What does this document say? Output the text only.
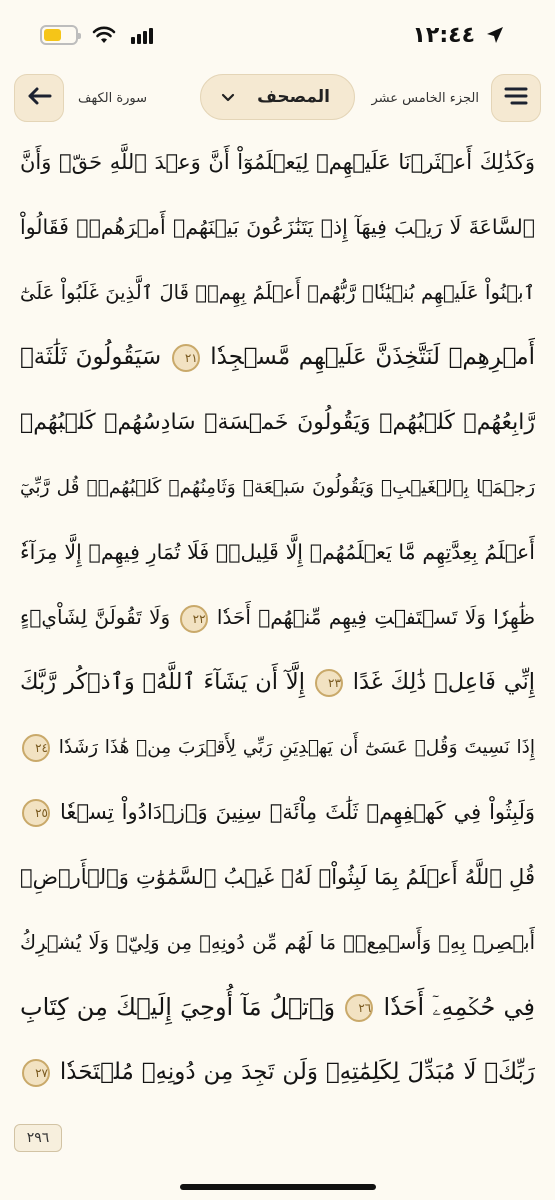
١٢:٤٤
سورة الكهف	المصحف	الجزء الخامس عشر
وَكَذَٰلِكَ أَعۡثَرۡنَا عَلَيۡهِمۡ لِيَعۡلَمُوٓاْ أَنَّ وَعۡدَ ٱللَّهِ حَقّٞ وَأَنَّ
ٱلسَّاعَةَ لَا رَيۡبَ فِيهَآ إِذۡ يَتَنَٰزَعُونَ بَيۡنَهُمۡ أَمۡرَهُمۡۖ فَقَالُواْ
ٱبۡنُواْ عَلَيۡهِم بُنۡيَٰنٗاۖ رَّبُّهُمۡ أَعۡلَمُ بِهِمۡۚ قَالَ ٱلَّذِينَ غَلَبُواْ عَلَىٰٓ
أَمۡرِهِمۡ لَنَتَّخِذَنَّ عَلَيۡهِم مَّسۡجِدٗا ٢١ سَيَقُولُونَ ثَلَٰثَةٞ
رَّابِعُهُمۡ كَلۡبُهُمۡ وَيَقُولُونَ خَمۡسَةٞ سَادِسُهُمۡ كَلۡبُهُمۡ
رَجۡمَۢا بِٱلۡغَيۡبِۖ وَيَقُولُونَ سَبۡعَةٞ وَثَامِنُهُمۡ كَلۡبُهُمۡۚ قُل رَّبِّيٓ
أَعۡلَمُ بِعِدَّتِهِم مَّا يَعۡلَمُهُمۡ إِلَّا قَلِيلٞۗ فَلَا تُمَارِ فِيهِمۡ إِلَّا مِرَآءٗ
ظَٰهِرٗا وَلَا تَسۡتَفۡتِ فِيهِم مِّنۡهُمۡ أَحَدٗا ٢٢ وَلَا تَقُولَنَّ لِشَاْيۡءٍ
إِنِّي فَاعِلٞ ذَٰلِكَ غَدًا ٢٣ إِلَّآ أَن يَشَآءَ ٱللَّهُۚ وَٱذۡكُر رَّبَّكَ
إِذَا نَسِيتَ وَقُلۡ عَسَىٰٓ أَن يَهۡدِيَنِ رَبِّي لِأَقۡرَبَ مِنۡ هَٰذَا رَشَدٗا ٢٤
وَلَبِثُواْ فِي كَهۡفِهِمۡ ثَلَٰثَ مِاْئَةٖ سِنِينَ وَٱزۡدَادُواْ تِسۡعٗا ٢٥
قُلِ ٱللَّهُ أَعۡلَمُ بِمَا لَبِثُواْۖ لَهُۥ غَيۡبُ ٱلسَّمَٰوَٰتِ وَٱلۡأَرۡضِۖ
أَبۡصِرۡ بِهِۦ وَأَسۡمِعۡۚ مَا لَهُم مِّن دُونِهِۦ مِن وَلِيّٖ وَلَا يُشۡرِكُ
فِي حُكۡمِهِۦٓ أَحَدٗا ٢٦ وَٱتۡلُ مَآ أُوحِيَ إِلَيۡكَ مِن كِتَابِ
رَبِّكَۖ لَا مُبَدِّلَ لِكَلِمَٰتِهِۦ وَلَن تَجِدَ مِن دُونِهِۦ مُلۡتَحَدٗا ٢٧
٢٩٦
